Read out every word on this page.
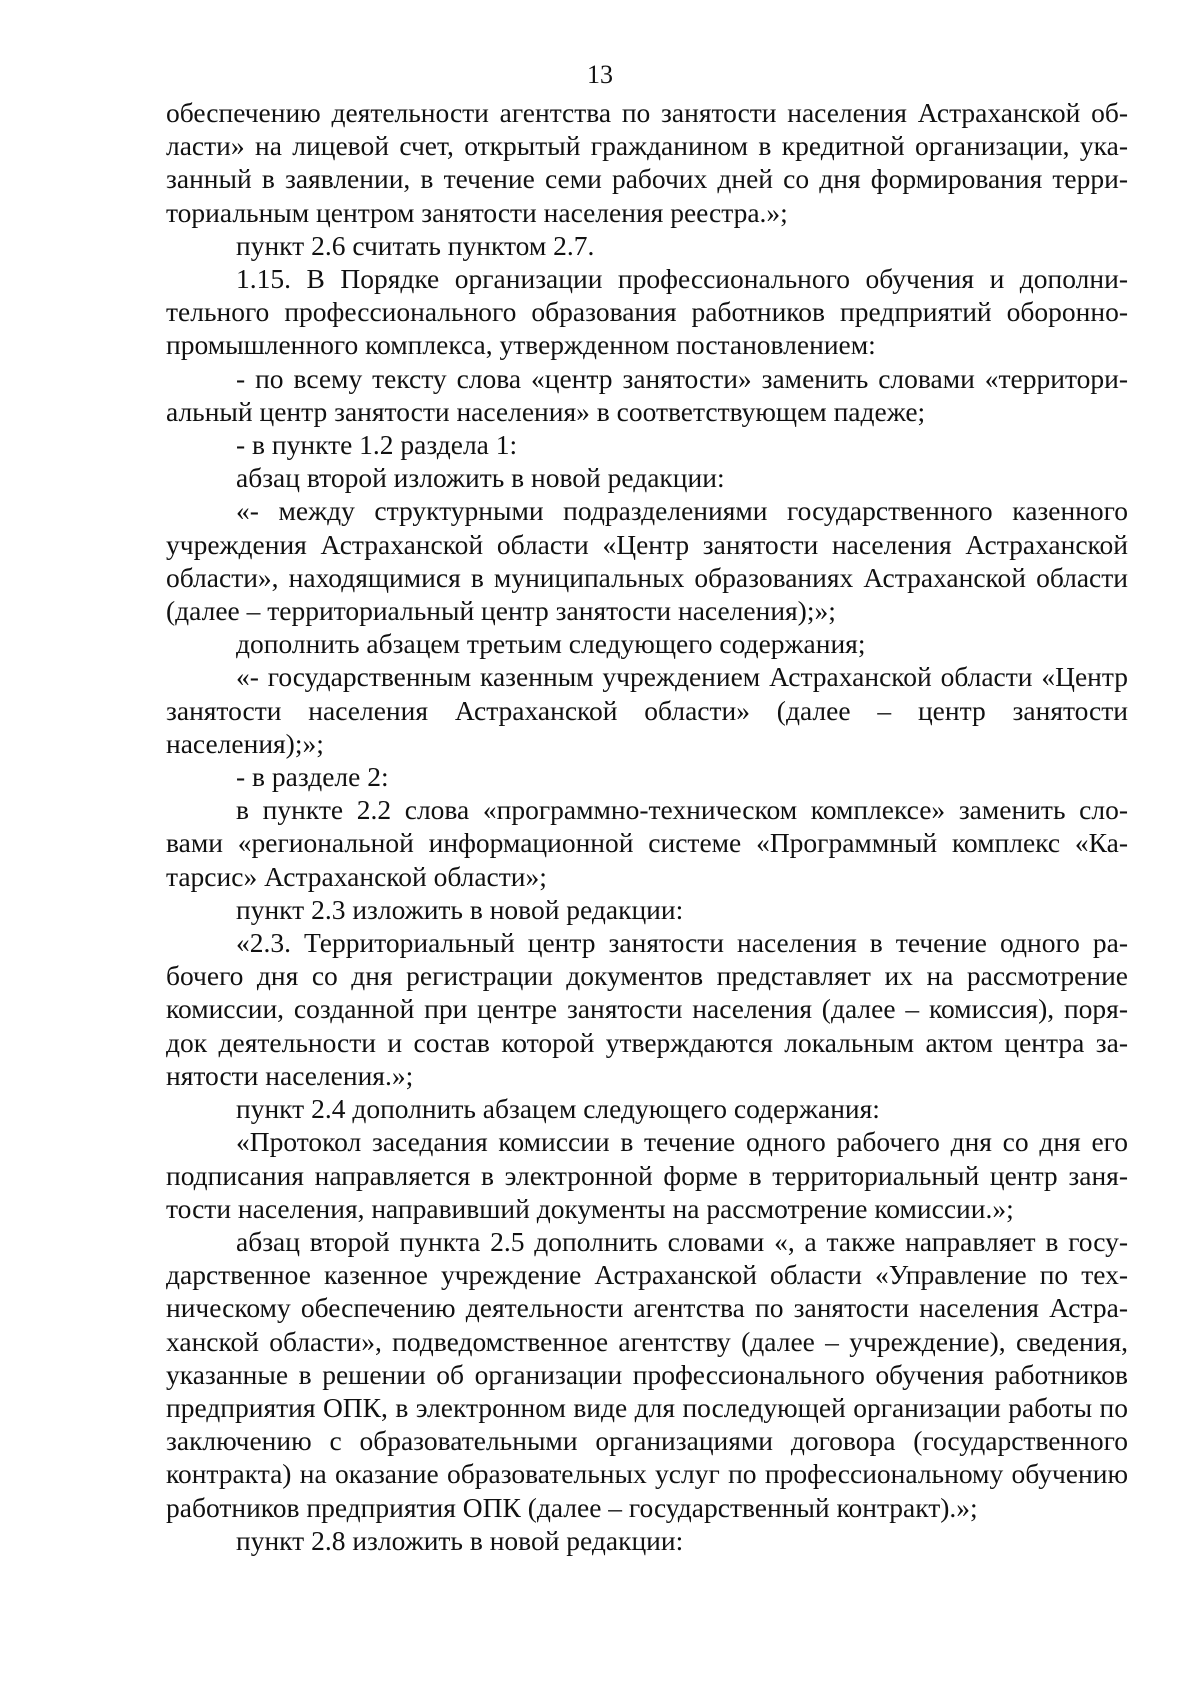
13

обеспечению деятельности агентства по занятости населения Астраханской области» на лицевой счет, открытый гражданином в кредитной организации, указанный в заявлении, в течение семи рабочих дней со дня формирования территориальным центром занятости населения реестра.»;

пункт 2.6 считать пунктом 2.7.

1.15. В Порядке организации профессионального обучения и дополнительного профессионального образования работников предприятий оборонно-промышленного комплекса, утвержденном постановлением:

- по всему тексту слова «центр занятости» заменить словами «территориальный центр занятости населения» в соответствующем падеже;

- в пункте 1.2 раздела 1:

абзац второй изложить в новой редакции:

«- между структурными подразделениями государственного казенного учреждения Астраханской области «Центр занятости населения Астраханской области», находящимися в муниципальных образованиях Астраханской области (далее – территориальный центр занятости населения);»;

дополнить абзацем третьим следующего содержания;

«- государственным казенным учреждением Астраханской области «Центр занятости населения Астраханской области» (далее – центр занятости населения);»;

- в разделе 2:

в пункте 2.2 слова «программно-техническом комплексе» заменить словами «региональной информационной системе «Программный комплекс «Катарсис» Астраханской области»;

пункт 2.3 изложить в новой редакции:

«2.3. Территориальный центр занятости населения в течение одного рабочего дня со дня регистрации документов представляет их на рассмотрение комиссии, созданной при центре занятости населения (далее – комиссия), порядок деятельности и состав которой утверждаются локальным актом центра занятости населения.»;

пункт 2.4 дополнить абзацем следующего содержания:

«Протокол заседания комиссии в течение одного рабочего дня со дня его подписания направляется в электронной форме в территориальный центр занятости населения, направивший документы на рассмотрение комиссии.»;

абзац второй пункта 2.5 дополнить словами «, а также направляет в государственное казенное учреждение Астраханской области «Управление по техническому обеспечению деятельности агентства по занятости населения Астраханской области», подведомственное агентству (далее – учреждение), сведения, указанные в решении об организации профессионального обучения работников предприятия ОПК, в электронном виде для последующей организации работы по заключению с образовательными организациями договора (государственного контракта) на оказание образовательных услуг по профессиональному обучению работников предприятия ОПК (далее – государственный контракт).»;

пункт 2.8 изложить в новой редакции:
